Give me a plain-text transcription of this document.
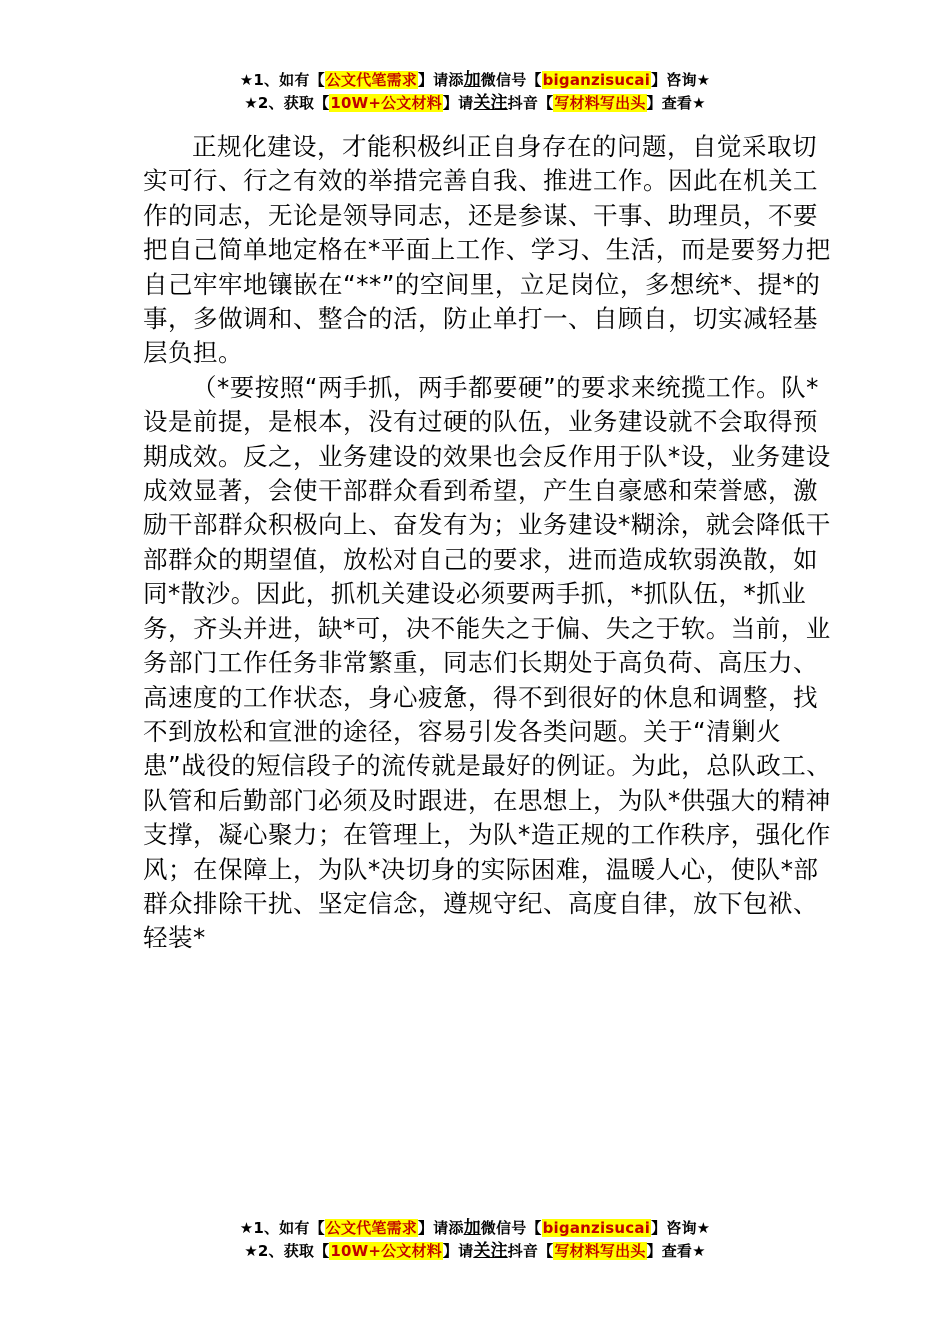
★1、如有【公文代笔需求】请添加微信号【biganzisucai】咨询★
★2、获取【10W+公文材料】请关注抖音【写材料写出头】查看★

正规化建设，才能积极纠正自身存在的问题，自觉采取切实可行、行之有效的举措完善自我、推进工作。因此在机关工作的同志，无论是领导同志，还是参谋、干事、助理员，不要把自己简单地定格在*平面上工作、学习、生活，而是要努力把自己牢牢地镶嵌在“**”的空间里，立足岗位，多想统*、提*的事，多做调和、整合的活，防止单打一、自顾自，切实减轻基层负担。

（*要按照“两手抓，两手都要硬”的要求来统揽工作。队*设是前提，是根本，没有过硬的队伍，业务建设就不会取得预期成效。反之，业务建设的效果也会反作用于队*设，业务建设成效显著，会使干部群众看到希望，产生自豪感和荣誉感，激励干部群众积极向上、奋发有为；业务建设*糊涂，就会降低干部群众的期望值，放松对自己的要求，进而造成软弱涣散，如同*散沙。因此，抓机关建设必须要两手抓，*抓队伍，*抓业务，齐头并进，缺*可，决不能失之于偏、失之于软。当前，业务部门工作任务非常繁重，同志们长期处于高负荷、高压力、高速度的工作状态，身心疲惫，得不到很好的休息和调整，找不到放松和宣泄的途径，容易引发各类问题。关于“清剿火患”战役的短信段子的流传就是最好的例证。为此，总队政工、队管和后勤部门必须及时跟进，在思想上，为队*供强大的精神支撑，凝心聚力；在管理上，为队*造正规的工作秩序，强化作风；在保障上，为队*决切身的实际困难，温暖人心，使队*部群众排除干扰、坚定信念，遵规守纪、高度自律，放下包袱、轻装*

★1、如有【公文代笔需求】请添加微信号【biganzisucai】咨询★
★2、获取【10W+公文材料】请关注抖音【写材料写出头】查看★
